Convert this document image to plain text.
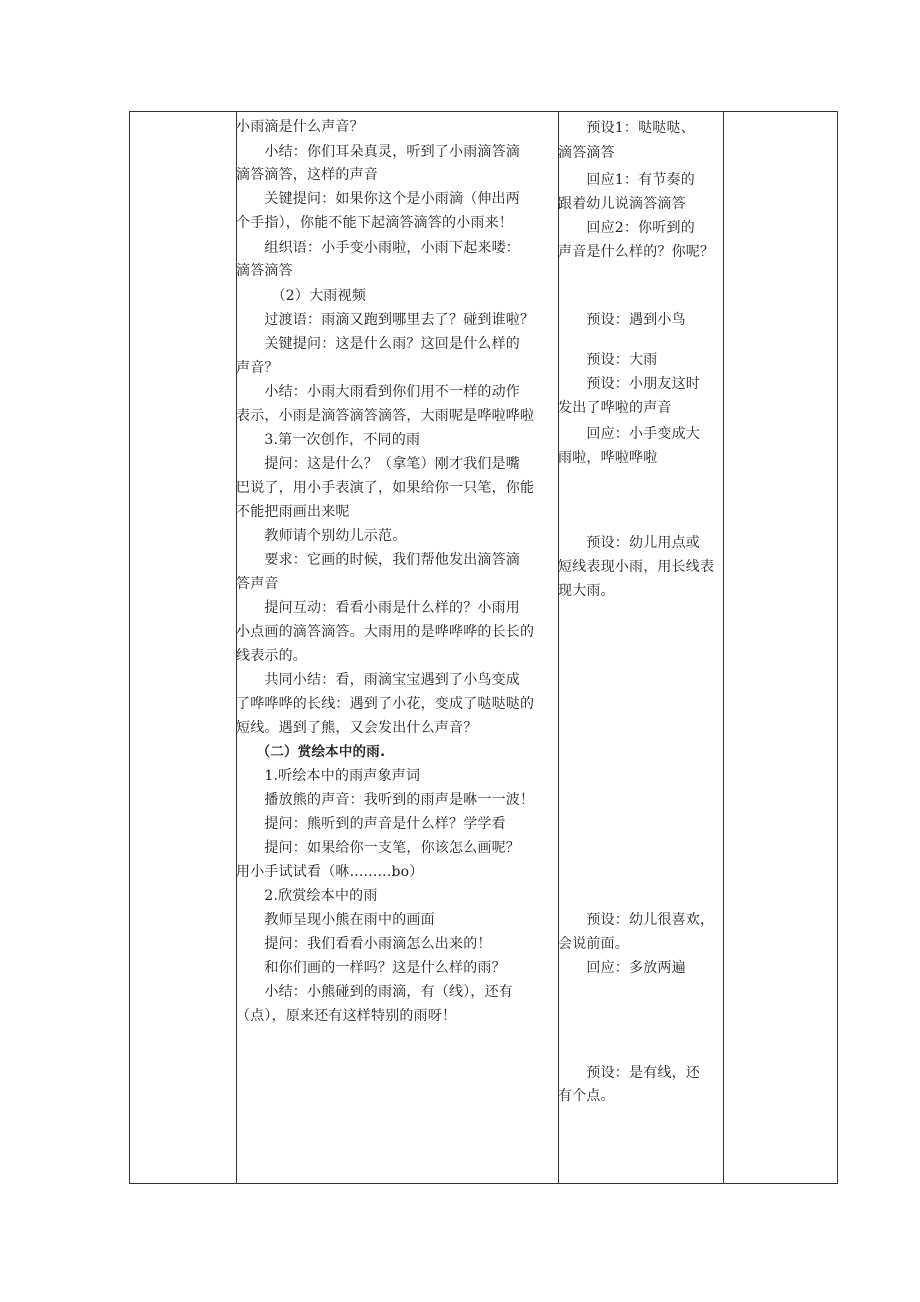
小雨滴是什么声音？
　　小结：你们耳朵真灵，听到了小雨滴答滴
滴答滴答，这样的声音
　　关键提问：如果你这个是小雨滴（伸出两
个手指），你能不能下起滴答滴答的小雨来！
　　组织语：小手变小雨啦，小雨下起来喽：
滴答滴答
　　　（2）大雨视频
　　过渡语：雨滴又跑到哪里去了？碰到谁啦？
　　关键提问：这是什么雨？这回是什么样的
声音？
　　小结：小雨大雨看到你们用不一样的动作
表示，小雨是滴答滴答滴答，大雨呢是哗啦哗啦
　　3.第一次创作，不同的雨
　　提问：这是什么？（拿笔）刚才我们是嘴
巴说了，用小手表演了，如果给你一只笔，你能
不能把雨画出来呢
　　教师请个别幼儿示范。
　　要求：它画的时候，我们帮他发出滴答滴
答声音
　　提问互动：看看小雨是什么样的？小雨用
小点画的滴答滴答。大雨用的是哗哗哗的长长的
线表示的。
　　共同小结：看，雨滴宝宝遇到了小鸟变成
了哗哗哗的长线：遇到了小花，变成了哒哒哒的
短线。遇到了熊，又会发出什么声音？
　　（二）赏绘本中的雨.
　　1.听绘本中的雨声象声词
　　播放熊的声音：我听到的雨声是咻一一波！
　　提问：熊听到的声音是什么样？学学看
　　提问：如果给你一支笔，你该怎么画呢？
用小手试试看（咻.........bo）
　　2.欣赏绘本中的雨
　　教师呈现小熊在雨中的画面
　　提问：我们看看小雨滴怎么出来的！
　　和你们画的一样吗？这是什么样的雨？
　　小结：小熊碰到的雨滴，有（线），还有
（点），原来还有这样特别的雨呀！
　　预设1：哒哒哒、
滴答滴答
　　回应1：有节奏的
跟着幼儿说滴答滴答
　　回应2：你听到的
声音是什么样的？你呢？
　　预设：遇到小鸟
　　预设：大雨
　　预设：小朋友这时
发出了哗啦的声音
　　回应：小手变成大
雨啦，哗啦哗啦
　　预设：幼儿用点或
短线表现小雨，用长线表
现大雨。
　　预设：幼儿很喜欢，
会说前面。
　　回应：多放两遍
　　预设：是有线，还
有个点。
